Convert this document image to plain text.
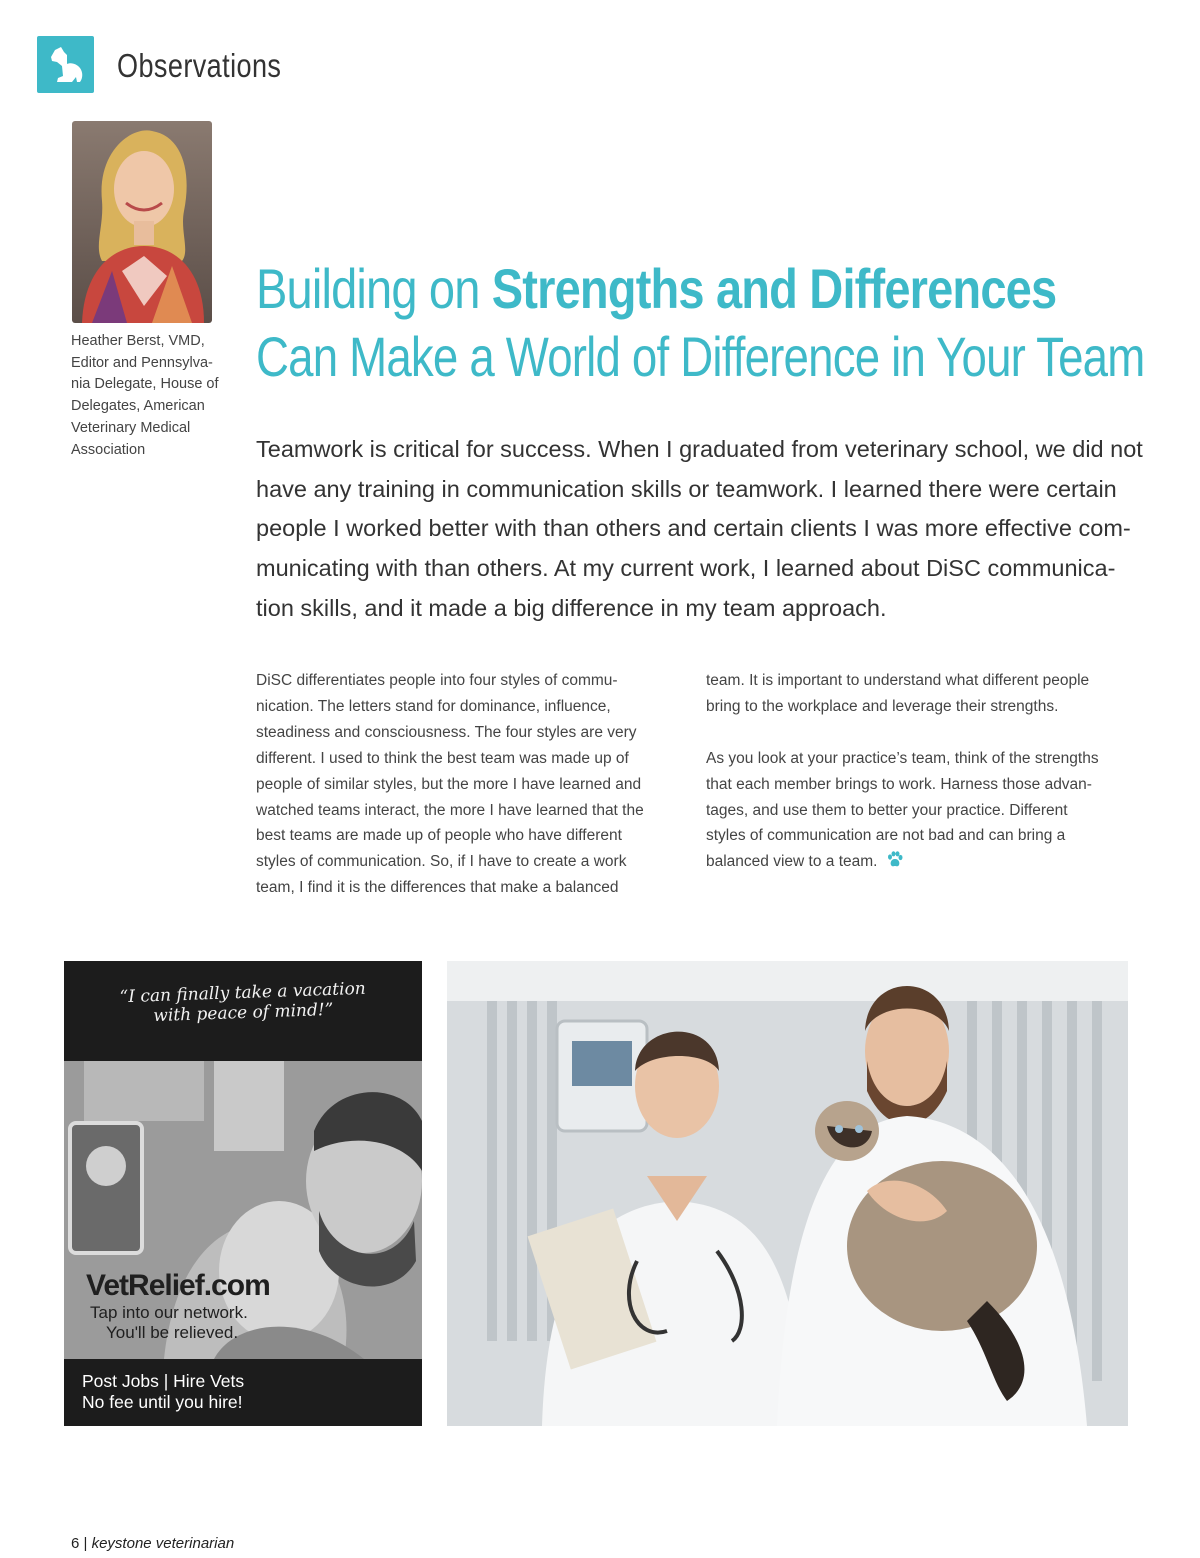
Observations
Heather Berst, VMD,
Editor and Pennsylva-
nia Delegate, House of
Delegates, American
Veterinary Medical
Association
Building on Strengths and Differences
Can Make a World of Difference in Your Team
Teamwork is critical for success. When I graduated from veterinary school, we did not
have any training in communication skills or teamwork. I learned there were certain
people I worked better with than others and certain clients I was more effective com-
municating with than others. At my current work, I learned about DiSC communica-
tion skills, and it made a big difference in my team approach.
DiSC differentiates people into four styles of commu-
nication. The letters stand for dominance, influence,
steadiness and consciousness. The four styles are very
different. I used to think the best team was made up of
people of similar styles, but the more I have learned and
watched teams interact, the more I have learned that the
best teams are made up of people who have different
styles of communication. So, if I have to create a work
team, I find it is the differences that make a balanced
team. It is important to understand what different people
bring to the workplace and leverage their strengths.
As you look at your practice’s team, think of the strengths
that each member brings to work. Harness those advan-
tages, and use them to better your practice. Different
styles of communication are not bad and can bring a
balanced view to a team.
“I can finally take a vacation
with peace of mind!”
VetRelief.com
Tap into our network.
You'll be relieved.
Post Jobs | Hire Vets
No fee until you hire!
6 | keystone veterinarian
